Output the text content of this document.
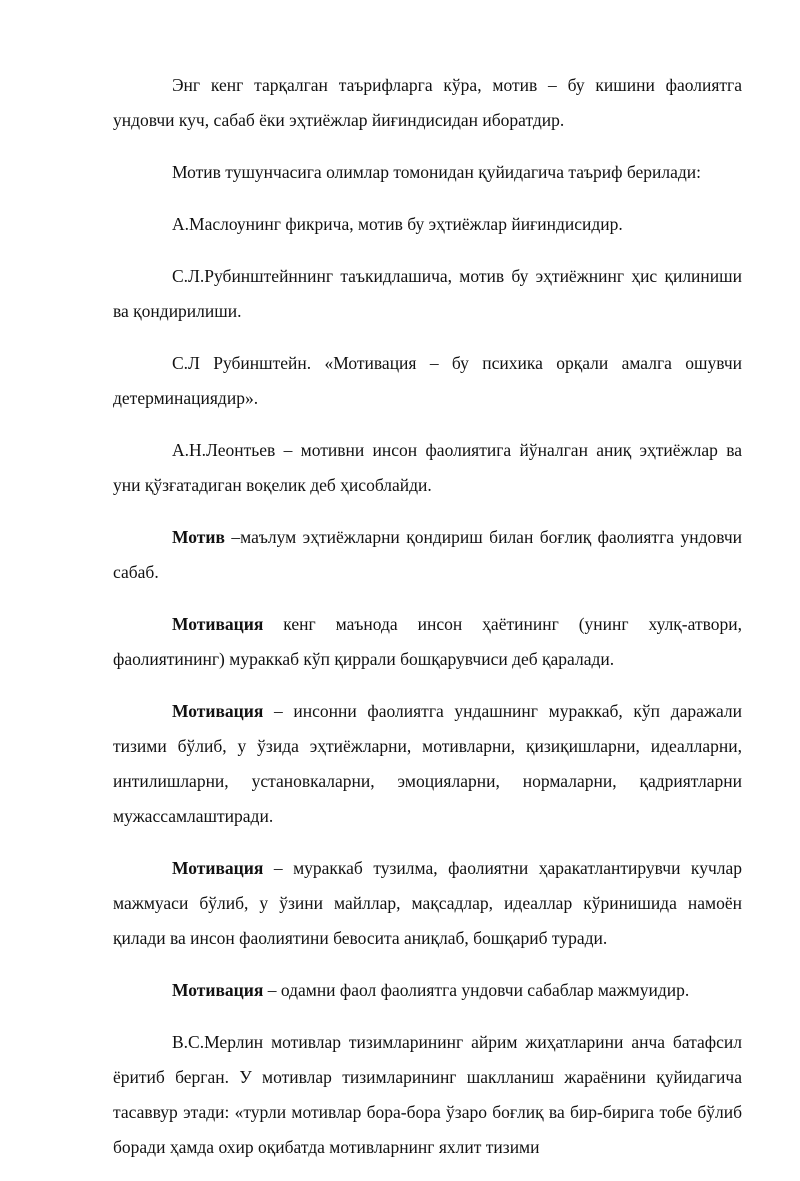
Энг кенг тарқалган таърифларга кўра, мотив – бу кишини фаолиятга ундовчи куч, сабаб ёки эҳтиёжлар йиғиндисидан иборатдир.

Мотив тушунчасига олимлар томонидан қуйидагича таъриф берилади:

А.Маслоунинг фикрича, мотив бу эҳтиёжлар йиғиндисидир.

С.Л.Рубинштейннинг таъкидлашича, мотив бу эҳтиёжнинг ҳис қилиниши ва қондирилиши.

С.Л Рубинштейн. «Мотивация – бу психика орқали амалга ошувчи детерминациядир».

А.Н.Леонтьев – мотивни инсон фаолиятига йўналган аниқ эҳтиёжлар ва уни қўзғатадиган воқелик деб ҳисоблайди.

Мотив –маълум эҳтиёжларни қондириш билан боғлиқ фаолиятга ундовчи сабаб.

Мотивация кенг маънода инсон ҳаётининг (унинг хулқ-атвори, фаолиятининг) мураккаб кўп қиррали бошқарувчиси деб қаралади.

Мотивация – инсонни фаолиятга ундашнинг мураккаб, кўп даражали тизими бўлиб, у ўзида эҳтиёжларни, мотивларни, қизиқишларни, идеалларни, интилишларни, установкаларни, эмоцияларни, нормаларни, қадриятларни мужассамлаштиради.

Мотивация – мураккаб тузилма, фаолиятни ҳаракатлантирувчи кучлар мажмуаси бўлиб, у ўзини майллар, мақсадлар, идеаллар кўринишида намоён қилади ва инсон фаолиятини бевосита аниқлаб, бошқариб туради.

Мотивация – одамни фаол фаолиятга ундовчи сабаблар мажмуидир.

В.С.Мерлин мотивлар тизимларининг айрим жиҳатларини анча батафсил ёритиб берган. У мотивлар тизимларининг шаклланиш жараёнини қуйидагича тасаввур этади: «турли мотивлар бора-бора ўзаро боғлиқ ва бир-бирига тобе бўлиб боради ҳамда охир оқибатда мотивларнинг яхлит тизими
